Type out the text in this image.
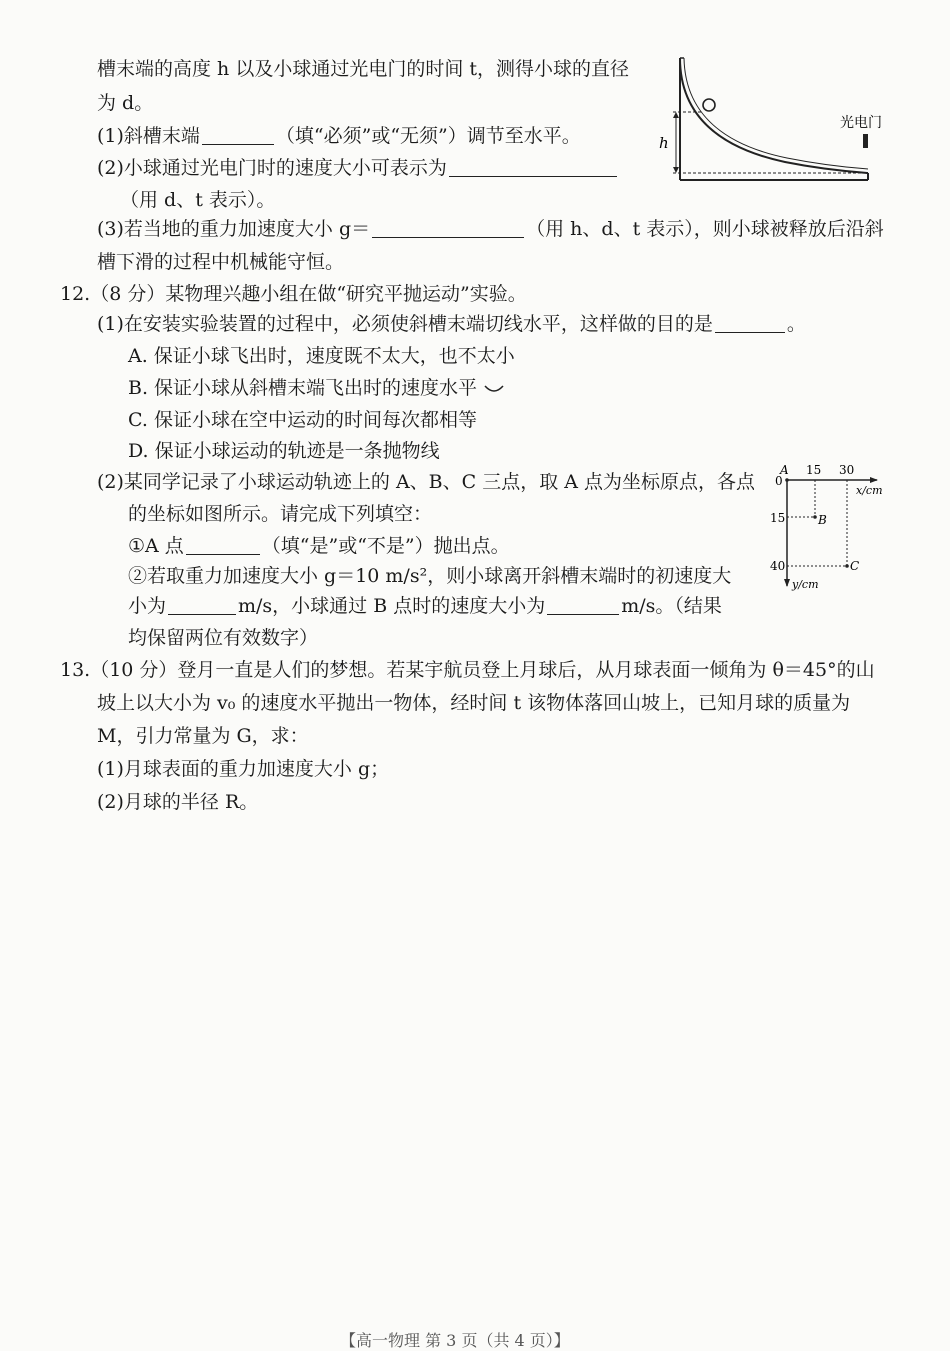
槽末端的高度 h 以及小球通过光电门的时间 t，测得小球的直径
为 d。
(1)斜槽末端	（填“必须”或“无须”）调节至水平。
(2)小球通过光电门时的速度大小可表示为
（用 d、t 表示）。
(3)若当地的重力加速度大小 g＝	（用 h、d、t 表示），则小球被释放后沿斜
槽下滑的过程中机械能守恒。
h
光电门
12.（8 分）某物理兴趣小组在做“研究平抛运动”实验。
(1)在安装实验装置的过程中，必须使斜槽末端切线水平，这样做的目的是	。
A. 保证小球飞出时，速度既不太大，也不太小
B. 保证小球从斜槽末端飞出时的速度水平
C. 保证小球在空中运动的时间每次都相等
D. 保证小球运动的轨迹是一条抛物线
(2)某同学记录了小球运动轨迹上的 A、B、C 三点，取 A 点为坐标原点，各点
的坐标如图所示。请完成下列填空：
①A 点	（填“是”或“不是”）抛出点。
②若取重力加速度大小 g＝10 m/s²，则小球离开斜槽末端时的初速度大
小为	m/s，小球通过 B 点时的速度大小为	m/s。（结果
均保留两位有效数字）
A 15 30
x/cm
0
15	B
40	C
y/cm
13.（10 分）登月一直是人们的梦想。若某宇航员登上月球后，从月球表面一倾角为 θ＝45°的山
坡上以大小为 v₀ 的速度水平抛出一物体，经时间 t 该物体落回山坡上，已知月球的质量为
M，引力常量为 G，求：
(1)月球表面的重力加速度大小 g；
(2)月球的半径 R。
【高一物理 第 3 页（共 4 页）】
